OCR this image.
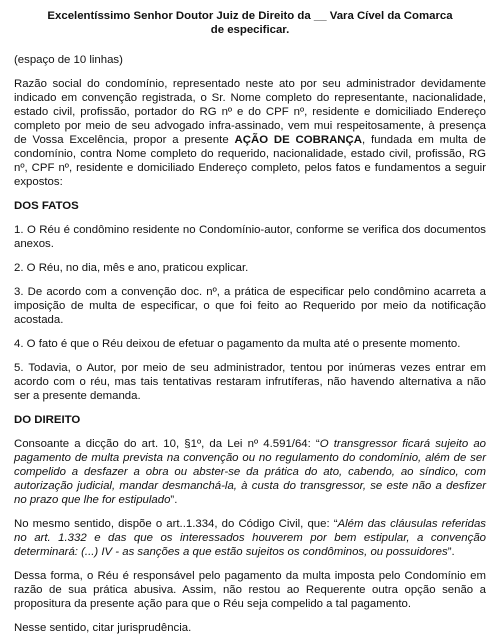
Excelentíssimo Senhor Doutor Juiz de Direito da __ Vara Cível da Comarca
de especificar.

(espaço de 10 linhas)

Razão social do condomínio, representado neste ato por seu administrador devidamente indicado em convenção registrada, o Sr. Nome completo do representante, nacionalidade, estado civil, profissão, portador do RG nº e do CPF nº, residente e domiciliado Endereço completo por meio de seu advogado infra-assinado, vem mui respeitosamente, à presença de Vossa Excelência, propor a presente AÇÃO DE COBRANÇA, fundada em multa de condomínio, contra Nome completo do requerido, nacionalidade, estado civil, profissão, RG nº, CPF nº, residente e domiciliado Endereço completo, pelos fatos e fundamentos a seguir expostos:

DOS FATOS

1. O Réu é condômino residente no Condomínio-autor, conforme se verifica dos documentos anexos.

2. O Réu, no dia, mês e ano, praticou explicar.

3. De acordo com a convenção doc. nº, a prática de especificar pelo condômino acarreta a imposição de multa de especificar, o que foi feito ao Requerido por meio da notificação acostada.

4. O fato é que o Réu deixou de efetuar o pagamento da multa até o presente momento.

5. Todavia, o Autor, por meio de seu administrador, tentou por inúmeras vezes entrar em acordo com o réu, mas tais tentativas restaram infrutíferas, não havendo alternativa a não ser a presente demanda.

DO DIREITO

Consoante a dicção do art. 10, §1º, da Lei nº 4.591/64: “O transgressor ficará sujeito ao pagamento de multa prevista na convenção ou no regulamento do condomínio, além de ser compelido a desfazer a obra ou abster-se da prática do ato, cabendo, ao síndico, com autorização judicial, mandar desmanchá-la, à custa do transgressor, se este não a desfizer no prazo que lhe for estipulado”.

No mesmo sentido, dispõe o art..1.334, do Código Civil, que: “Além das cláusulas referidas no art. 1.332 e das que os interessados houverem por bem estipular, a convenção determinará: (...) IV - as sanções a que estão sujeitos os condôminos, ou possuidores”.

Dessa forma, o Réu é responsável pelo pagamento da multa imposta pelo Condomínio em razão de sua prática abusiva. Assim, não restou ao Requerente outra opção senão a propositura da presente ação para que o Réu seja compelido a tal pagamento.

Nesse sentido, citar jurisprudência.
